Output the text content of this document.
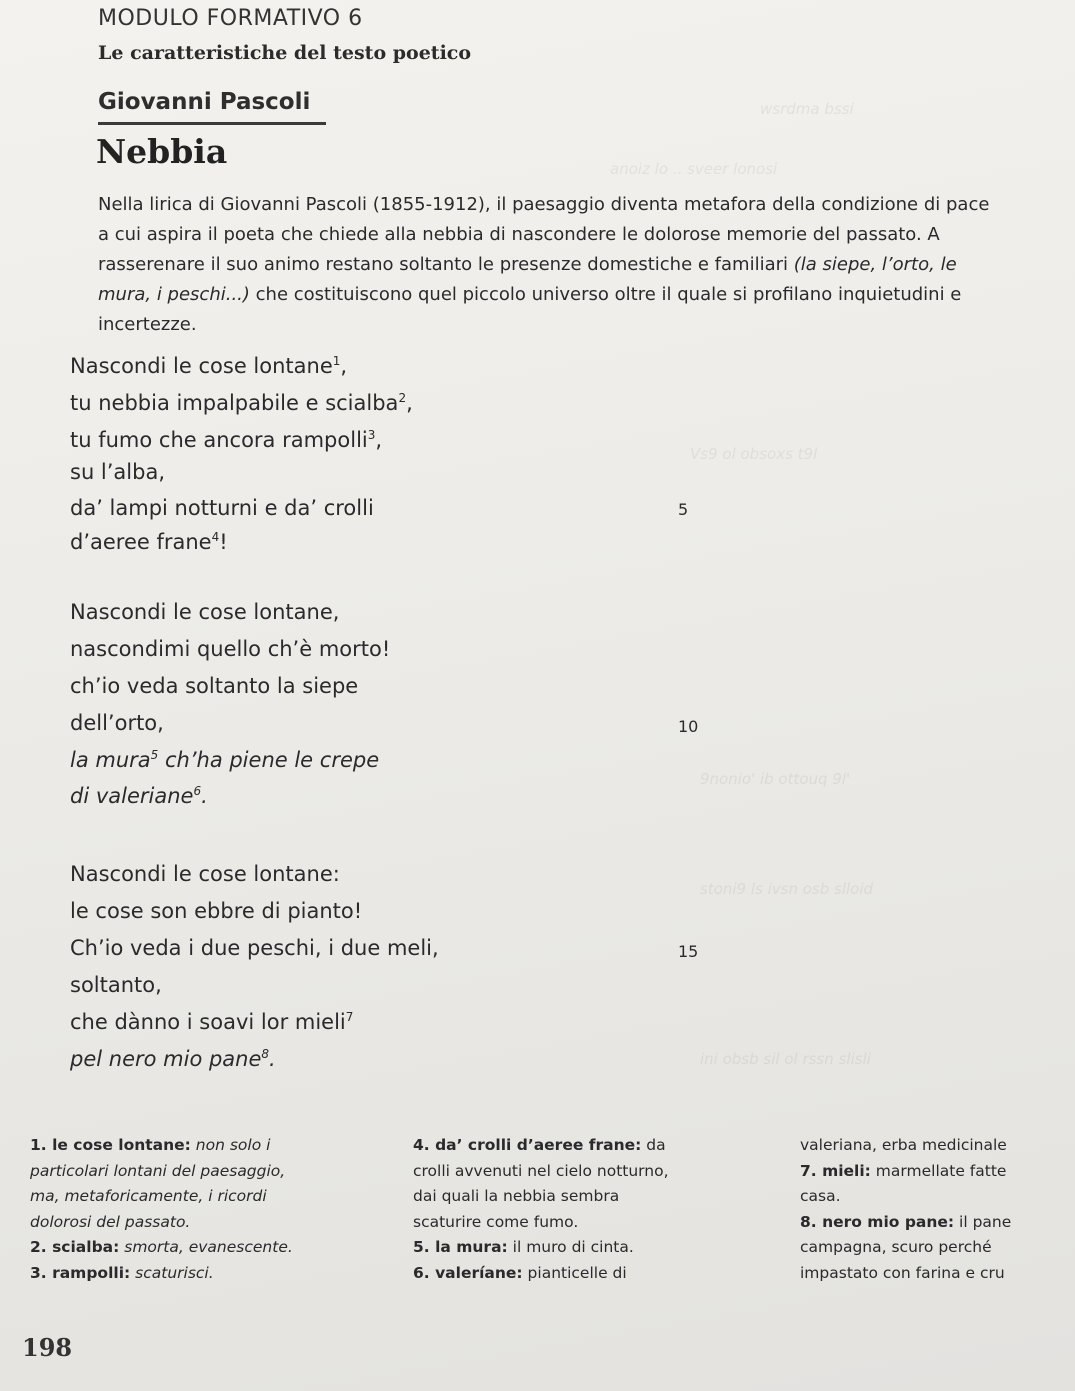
wsrdma bssi
anoiz lo .. sveer lonosi
Vs9 ol obsoxs t9l
9nonio' ib ottouq 9l'
stoni9 ls ivsn osb slloid
ini obsb sil ol rssn slisli
MODULO FORMATIVO 6
Le caratteristiche del testo poetico
Giovanni Pascoli
Nebbia
Nella lirica di Giovanni Pascoli (1855-1912), il paesaggio diventa metafora della condizione di pace a cui aspira il poeta che chiede alla nebbia di nascondere le dolorose memorie del passato. A rasserenare il suo animo restano soltanto le presenze domestiche e familiari (la siepe, l’orto, le mura, i peschi...) che costituiscono quel piccolo universo oltre il quale si profilano inquietudini e incertezze.
Nascondi le cose lontane$^1$,
tu nebbia impalpabile e scialba$^2$,
tu fumo che ancora rampolli$^3$,
su l’alba,
da’ lampi notturni e da’ crolli	5
d’aeree frane$^4$!
Nascondi le cose lontane,
nascondimi quello ch’è morto!
ch’io veda soltanto la siepe
dell’orto,	10
la mura$^5$ ch’ha piene le crepe
di valeriane$^6$.
Nascondi le cose lontane:
le cose son ebbre di pianto!
Ch’io veda i due peschi, i due meli,	15
soltanto,
che dànno i soavi lor mieli$^7$
pel nero mio pane$^8$.
1. le cose lontane: non solo i
particolari lontani del paesaggio,
ma, metaforicamente, i ricordi
dolorosi del passato.
2. scialba: smorta, evanescente.
3. rampolli: scaturisci.
4. da’ crolli d’aeree frane: da
crolli avvenuti nel cielo notturno,
dai quali la nebbia sembra
scaturire come fumo.
5. la mura: il muro di cinta.
6. valeríane: pianticelle di
valeriana, erba medicinale
7. mieli: marmellate fatte
casa.
8. nero mio pane: il pane
campagna, scuro perché
impastato con farina e cru
198
